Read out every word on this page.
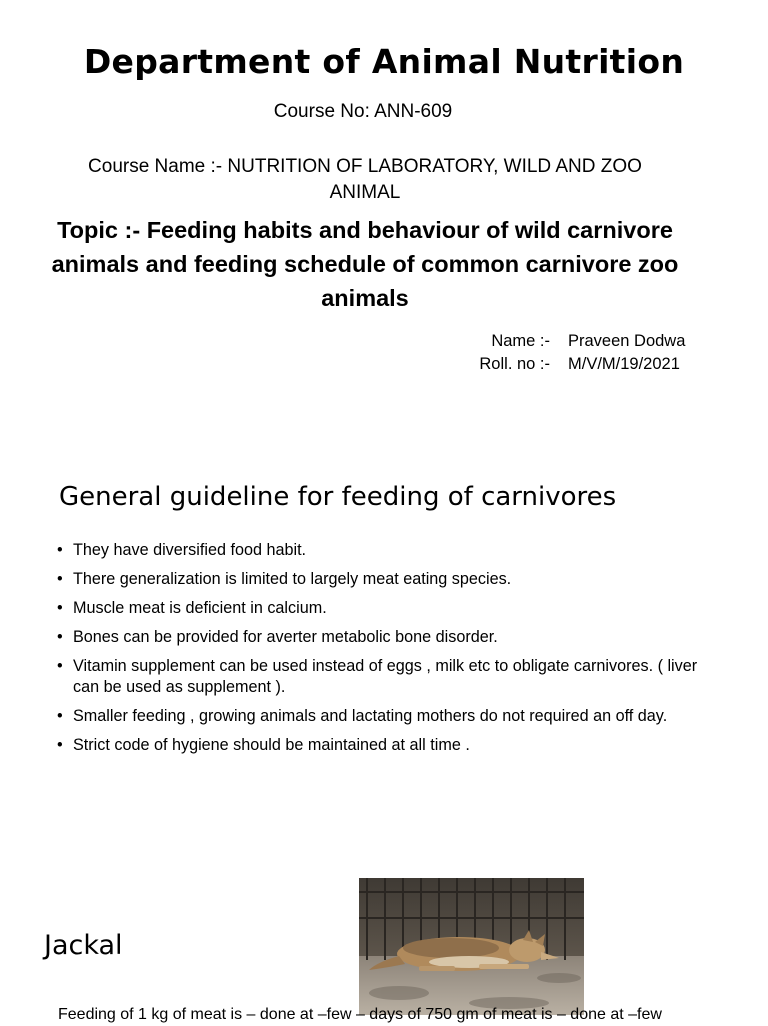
Department of Animal Nutrition
Course No: ANN-609
Course Name :- NUTRITION OF LABORATORY, WILD AND ZOO ANIMAL
Topic :- Feeding habits and behaviour of wild carnivore animals and feeding schedule of common carnivore zoo animals
Name :- Praveen Dodwa
Roll. no :- M/V/M/19/2021
General guideline for feeding of carnivores
• They have diversified food habit.
• There generalization is limited to largely meat eating species.
• Muscle meat is deficient in calcium.
• Bones can be provided for averter metabolic bone disorder.
• Vitamin supplement can be used instead of eggs , milk etc to obligate carnivores. ( liver can be used as supplement ).
• Smaller feeding , growing animals and lactating mothers do not required an off day.
• Strict code of hygiene should be maintained at all time .
Jackal
Feeding of 1 kg of meat is – done at –few – days of 750 gm of meat is – done at –few
